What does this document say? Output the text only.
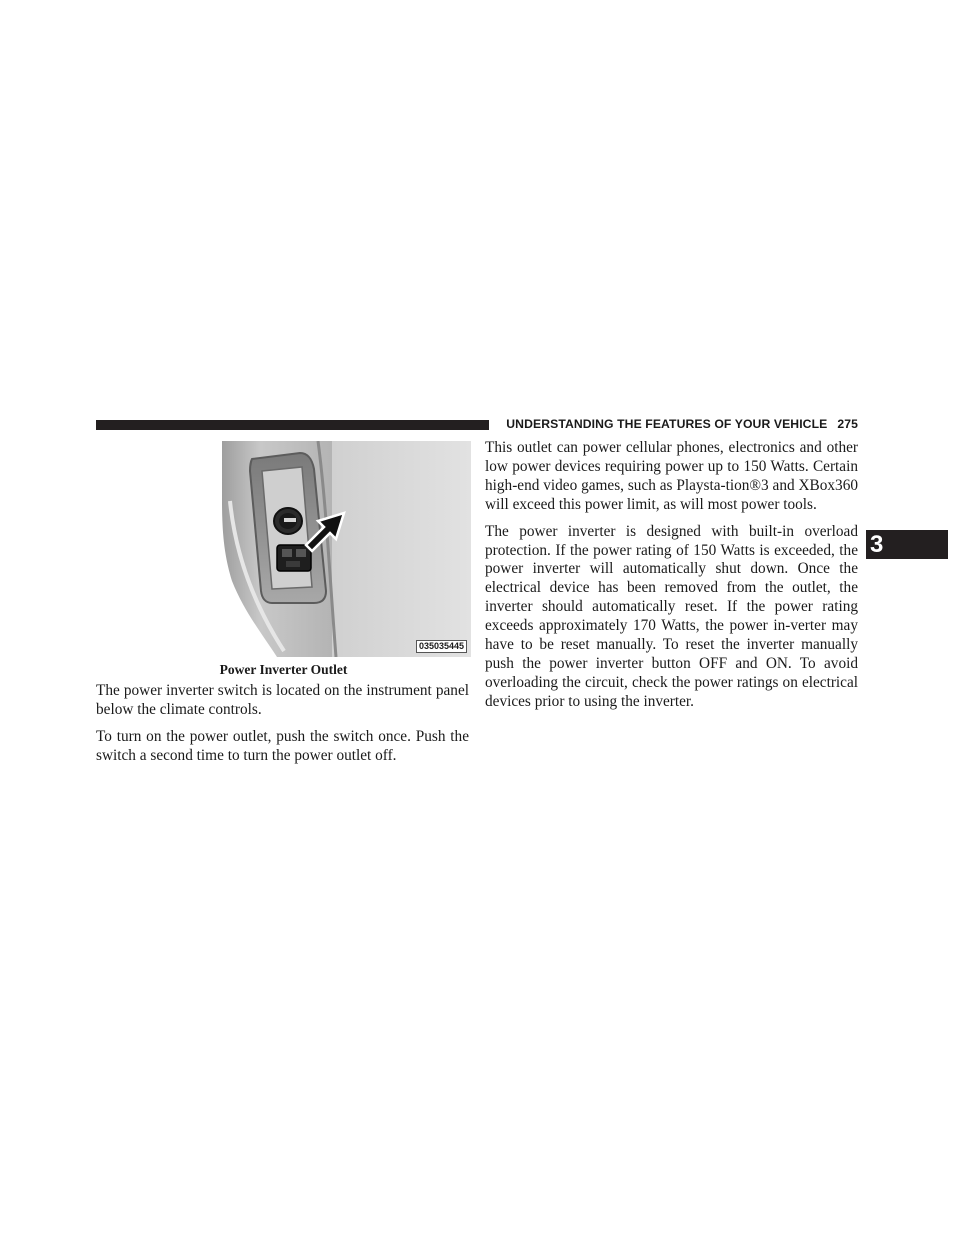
UNDERSTANDING THE FEATURES OF YOUR VEHICLE 275
3
035035445
Power Inverter Outlet

The power inverter switch is located on the instrument panel below the climate controls.

To turn on the power outlet, push the switch once. Push the switch a second time to turn the power outlet off.

This outlet can power cellular phones, electronics and other low power devices requiring power up to 150 Watts. Certain high-end video games, such as Playsta-tion®3 and XBox360 will exceed this power limit, as will most power tools.

The power inverter is designed with built-in overload protection. If the power rating of 150 Watts is exceeded, the power inverter will automatically shut down. Once the electrical device has been removed from the outlet, the inverter should automatically reset. If the power rating exceeds approximately 170 Watts, the power in-verter may have to be reset manually. To reset the inverter manually push the power inverter button OFF and ON. To avoid overloading the circuit, check the power ratings on electrical devices prior to using the inverter.
